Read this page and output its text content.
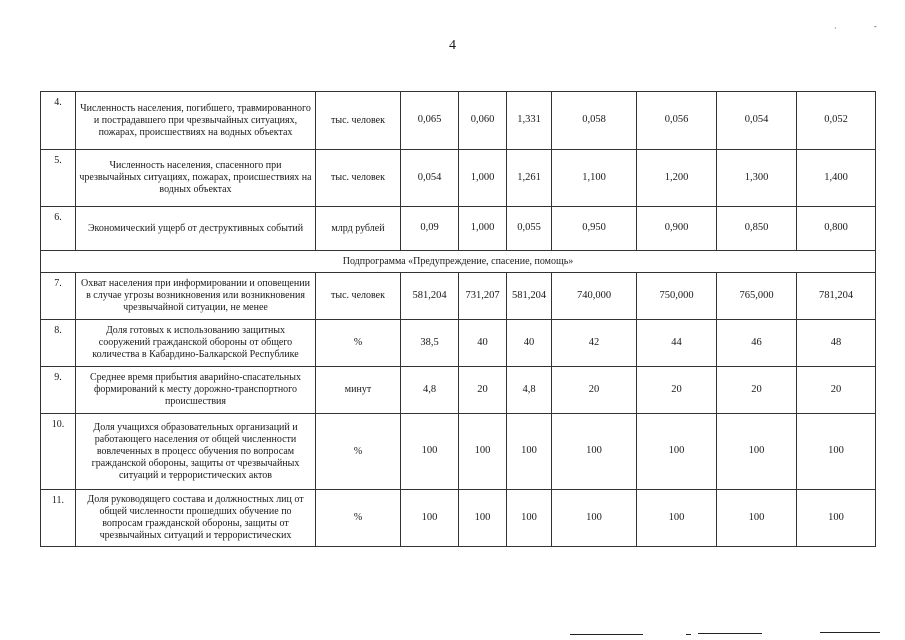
4
·	-
4.	Численность населения, погибшего, травмированного и пострадавшего при чрезвычайных ситуациях, пожарах, происшествиях на водных объектах	тыс. человек	0,065	0,060	1,331	0,058	0,056	0,054	0,052
5.	Численность населения, спасенного при чрезвычайных ситуациях, пожарах, происшествиях на водных объектах	тыс. человек	0,054	1,000	1,261	1,100	1,200	1,300	1,400
6.	Экономический ущерб от деструктивных событий	млрд рублей	0,09	1,000	0,055	0,950	0,900	0,850	0,800
Подпрограмма «Предупреждение, спасение, помощь»									
7.	Охват населения при информировании и оповещении в случае угрозы возникновения или возникновения чрезвычайной ситуации, не менее	тыс. человек	581,204	731,207	581,204	740,000	750,000	765,000	781,204
8.	Доля готовых к использованию защитных сооружений гражданской обороны от общего количества в Кабардино-Балкарской Республике	%	38,5	40	40	42	44	46	48
9.	Среднее время прибытия аварийно-спасательных формирований к месту дорожно-транспортного происшествия	минут	4,8	20	4,8	20	20	20	20
10.	Доля учащихся образовательных организаций и работающего населения от общей численности вовлеченных в процесс обучения по вопросам гражданской обороны, защиты от чрезвычайных ситуаций и террористических актов	%	100	100	100	100	100	100	100
11.	Доля руководящего состава и должностных лиц от общей численности прошедших обучение по вопросам гражданской обороны, защиты от чрезвычайных ситуаций и террористических	%	100	100	100	100	100	100	100
